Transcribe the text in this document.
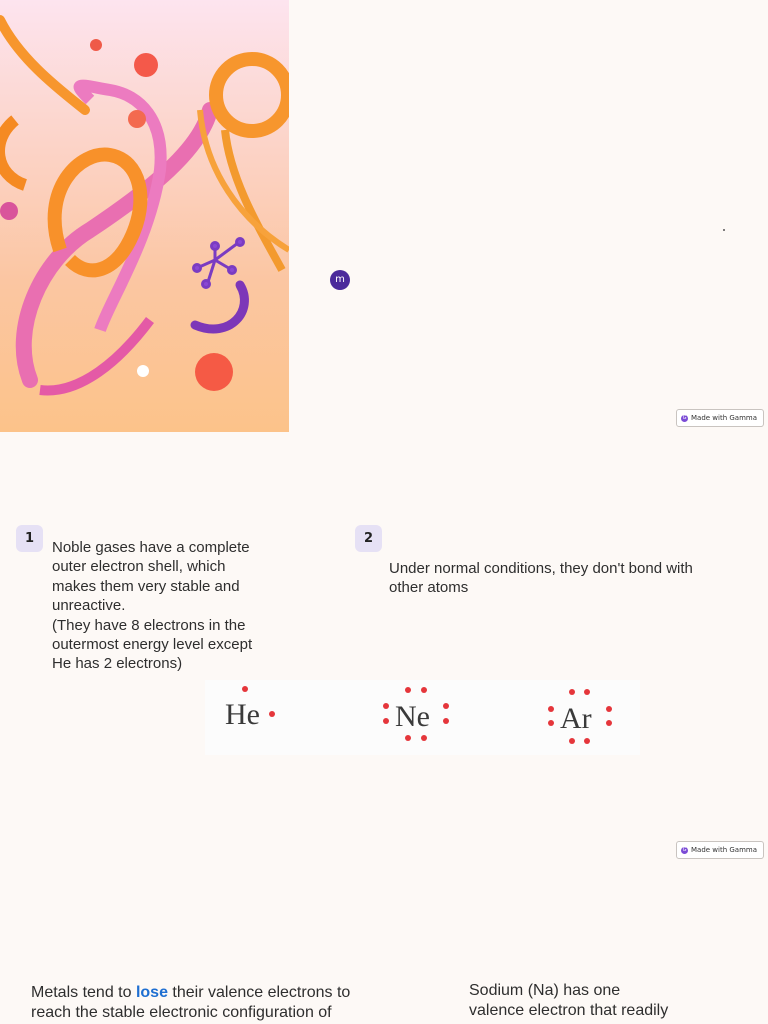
m
G Made with Gamma
1
Noble gases have a complete
outer electron shell, which
makes them very stable and
unreactive.
(They have 8 electrons in the
outermost energy level except
He has 2 electrons)
2
Under normal conditions, they don't bond with
other atoms
He	Ne	Ar
G Made with Gamma
Metals tend to lose their valence electrons to
reach the stable electronic configuration of
Sodium (Na) has one
valence electron that readily
